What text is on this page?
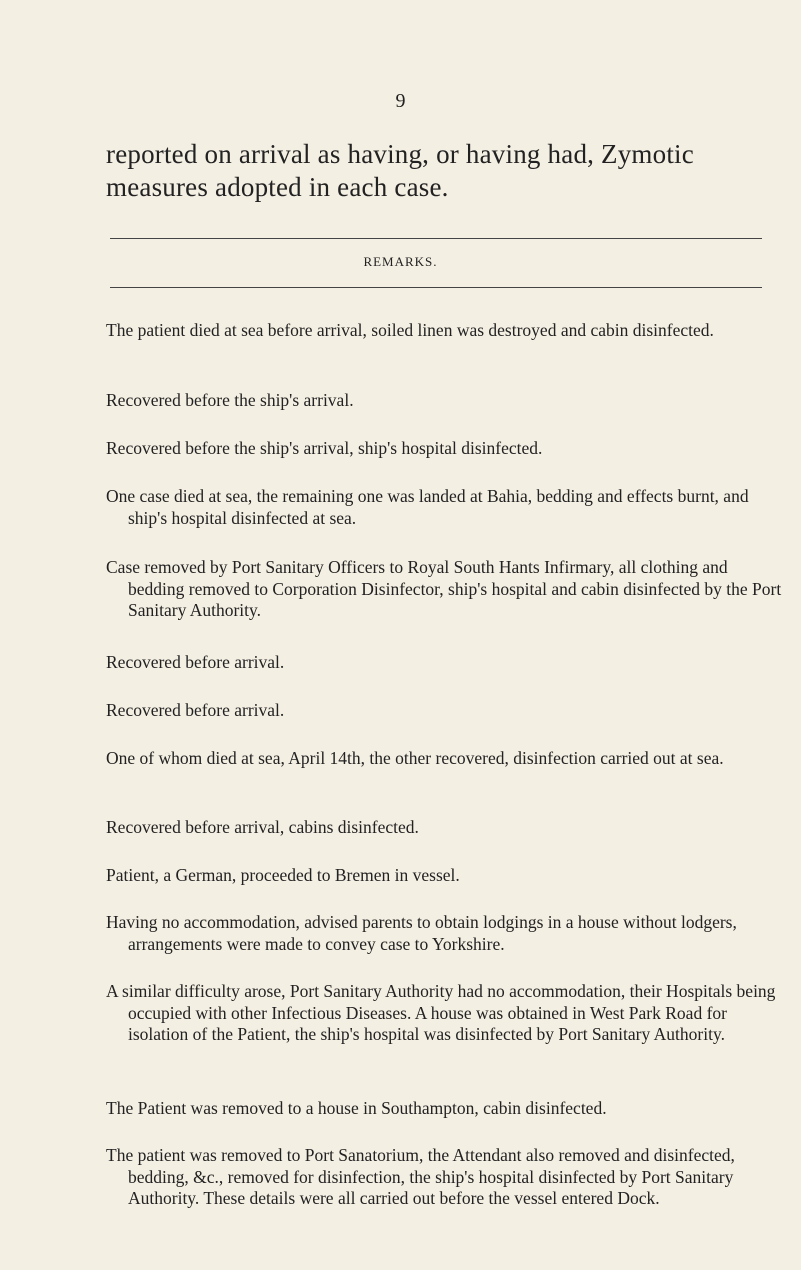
9

reported on arrival as having, or having had, Zymotic measures adopted in each case.

REMARKS.

The patient died at sea before arrival, soiled linen was destroyed and cabin disinfected.

Recovered before the ship's arrival.

Recovered before the ship's arrival, ship's hospital disinfected.

One case died at sea, the remaining one was landed at Bahia, bedding and effects burnt, and ship's hospital disinfected at sea.

Case removed by Port Sanitary Officers to Royal South Hants Infirmary, all clothing and bedding removed to Corporation Disinfector, ship's hospital and cabin disinfected by the Port Sanitary Authority.

Recovered before arrival.

Recovered before arrival.

One of whom died at sea, April 14th, the other recovered, disinfection carried out at sea.

Recovered before arrival, cabins disinfected.

Patient, a German, proceeded to Bremen in vessel.

Having no accommodation, advised parents to obtain lodgings in a house without lodgers, arrangements were made to convey case to Yorkshire.

A similar difficulty arose, Port Sanitary Authority had no accommodation, their Hospitals being occupied with other Infectious Diseases. A house was obtained in West Park Road for isolation of the Patient, the ship's hospital was disinfected by Port Sanitary Authority.

The Patient was removed to a house in Southampton, cabin disinfected.

The patient was removed to Port Sanatorium, the Attendant also removed and disinfected, bedding, &c., removed for disinfection, the ship's hospital disinfected by Port Sanitary Authority. These details were all carried out before the vessel entered Dock.
